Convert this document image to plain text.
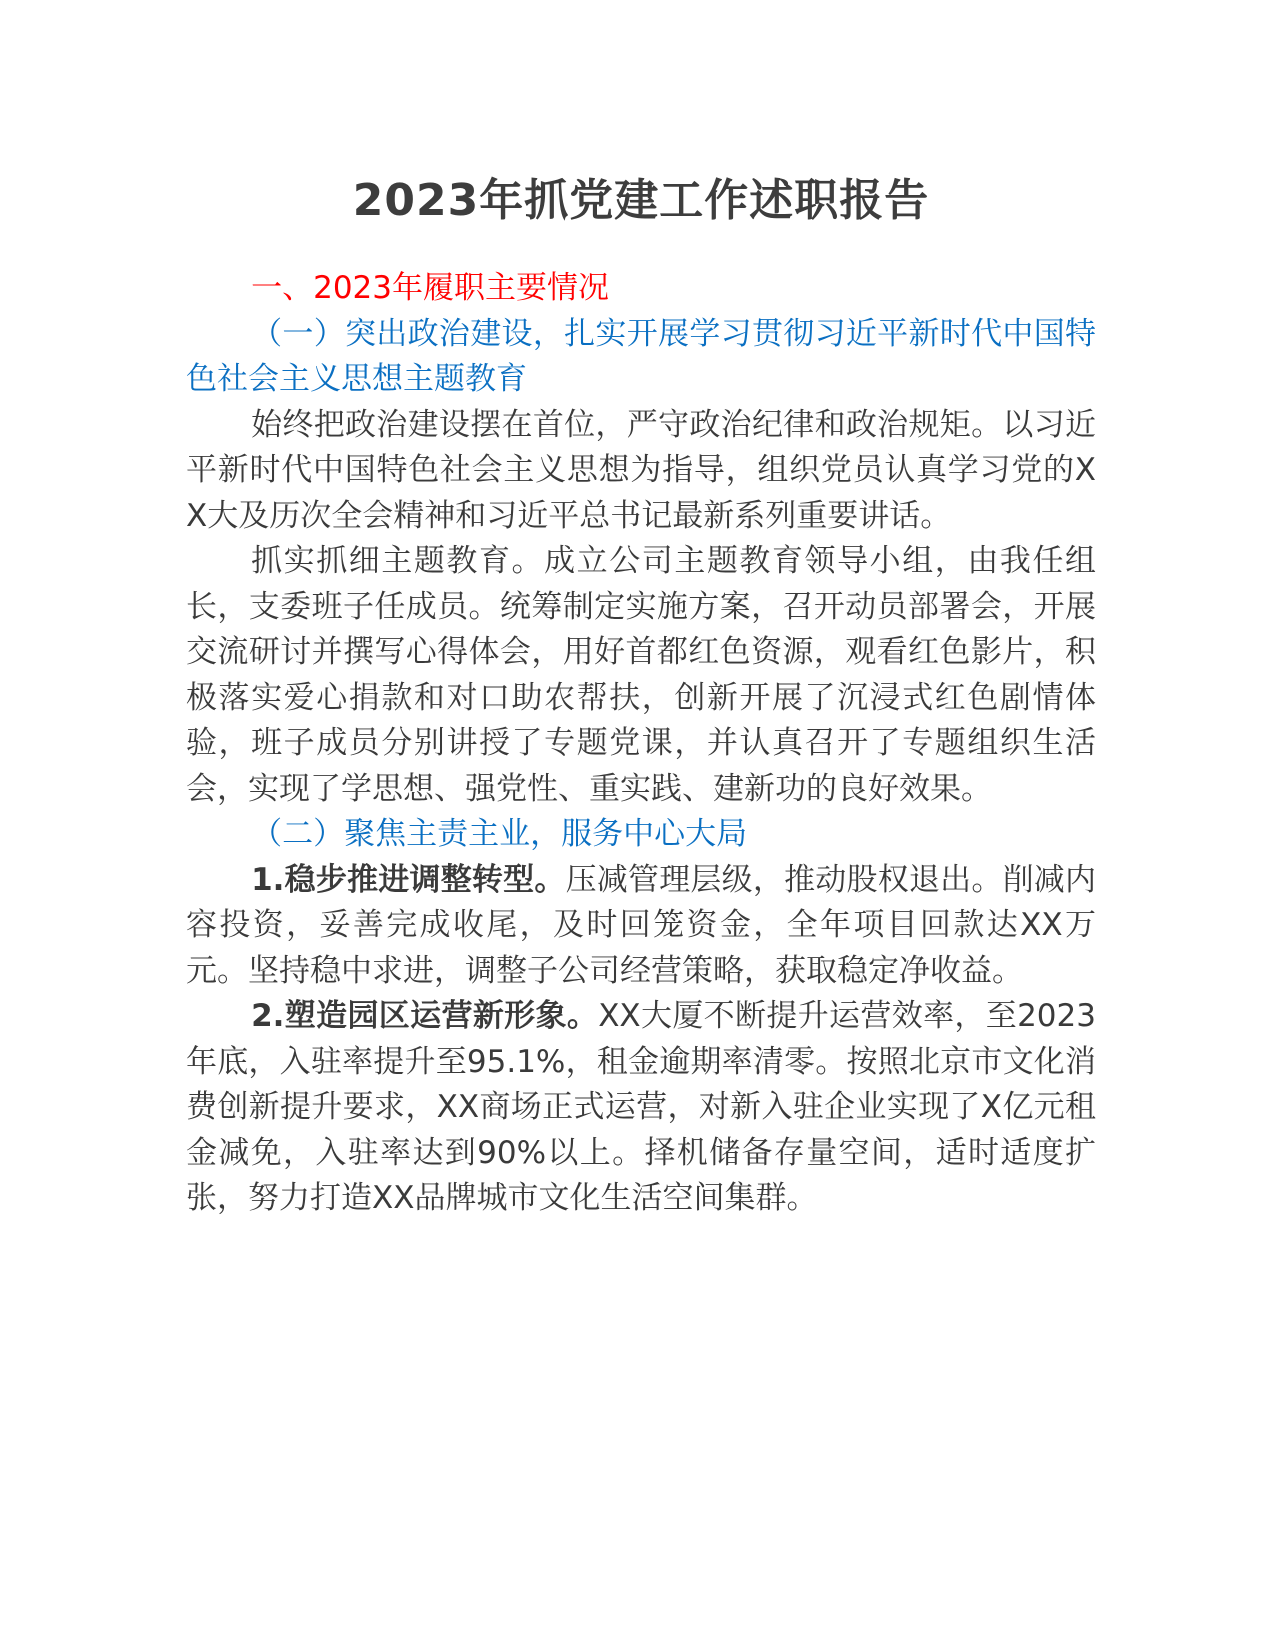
2023年抓党建工作述职报告

一、2023年履职主要情况

（一）突出政治建设，扎实开展学习贯彻习近平新时代中国特色社会主义思想主题教育

始终把政治建设摆在首位，严守政治纪律和政治规矩。以习近平新时代中国特色社会主义思想为指导，组织党员认真学习党的XX大及历次全会精神和习近平总书记最新系列重要讲话。

抓实抓细主题教育。成立公司主题教育领导小组，由我任组长，支委班子任成员。统筹制定实施方案，召开动员部署会，开展交流研讨并撰写心得体会，用好首都红色资源，观看红色影片，积极落实爱心捐款和对口助农帮扶，创新开展了沉浸式红色剧情体验，班子成员分别讲授了专题党课，并认真召开了专题组织生活会，实现了学思想、强党性、重实践、建新功的良好效果。

（二）聚焦主责主业，服务中心大局

1.稳步推进调整转型。压减管理层级，推动股权退出。削减内容投资，妥善完成收尾，及时回笼资金，全年项目回款达XX万元。坚持稳中求进，调整子公司经营策略，获取稳定净收益。

2.塑造园区运营新形象。XX大厦不断提升运营效率，至2023年底，入驻率提升至95.1%，租金逾期率清零。按照北京市文化消费创新提升要求，XX商场正式运营，对新入驻企业实现了X亿元租金减免，入驻率达到90%以上。择机储备存量空间，适时适度扩张，努力打造XX品牌城市文化生活空间集群。
